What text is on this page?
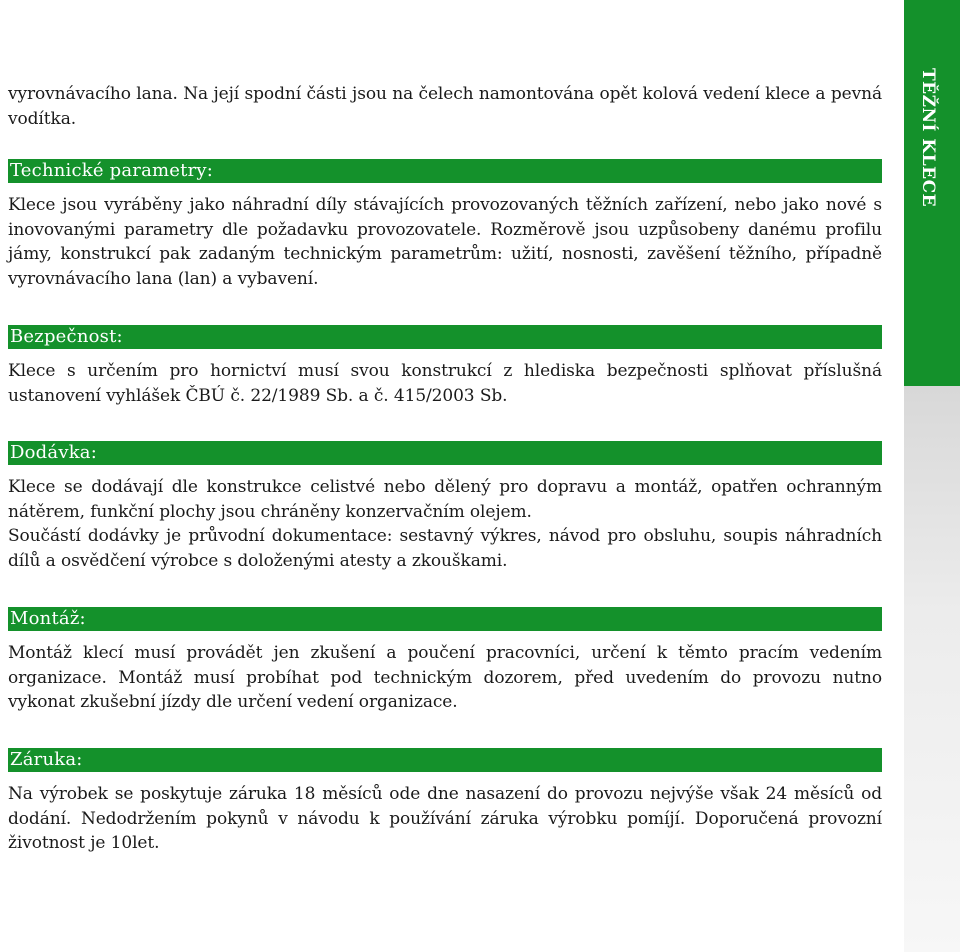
TĚŽNÍ KLECE

vyrovnávacího lana. Na její spodní části jsou na čelech namontována opět kolová vedení klece a pevná vodítka.

Technické parametry:

Klece jsou vyráběny jako náhradní díly stávajících provozovaných těžních zařízení, nebo jako nové s inovovanými parametry dle požadavku provozovatele. Rozměrově jsou uzpůsobeny danému profilu jámy, konstrukcí pak zadaným technickým parametrům: užití, nosnosti, zavěšení těžního, případně vyrovnávacího lana (lan) a vybavení.

Bezpečnost:

Klece s určením pro hornictví musí svou konstrukcí z hlediska bezpečnosti splňovat příslušná ustanovení vyhlášek ČBÚ č. 22/1989 Sb. a č. 415/2003 Sb.

Dodávka:

Klece se dodávají dle konstrukce celistvé nebo dělený pro dopravu a montáž, opatřen ochranným nátěrem, funkční plochy jsou chráněny konzervačním olejem.

Součástí dodávky je průvodní dokumentace: sestavný výkres, návod pro obsluhu, soupis náhradních dílů a osvědčení výrobce s doloženými atesty a zkouškami.

Montáž:

Montáž klecí musí provádět jen zkušení a poučení pracovníci, určení k těmto pracím vedením organizace. Montáž musí probíhat pod technickým dozorem, před uvedením do provozu nutno vykonat zkušební jízdy dle určení vedení organizace.

Záruka:

Na výrobek se poskytuje záruka 18 měsíců ode dne nasazení do provozu nejvýše však 24 měsíců od dodání. Nedodržením pokynů v návodu k používání záruka výrobku pomíjí. Doporučená provozní životnost je 10let.
